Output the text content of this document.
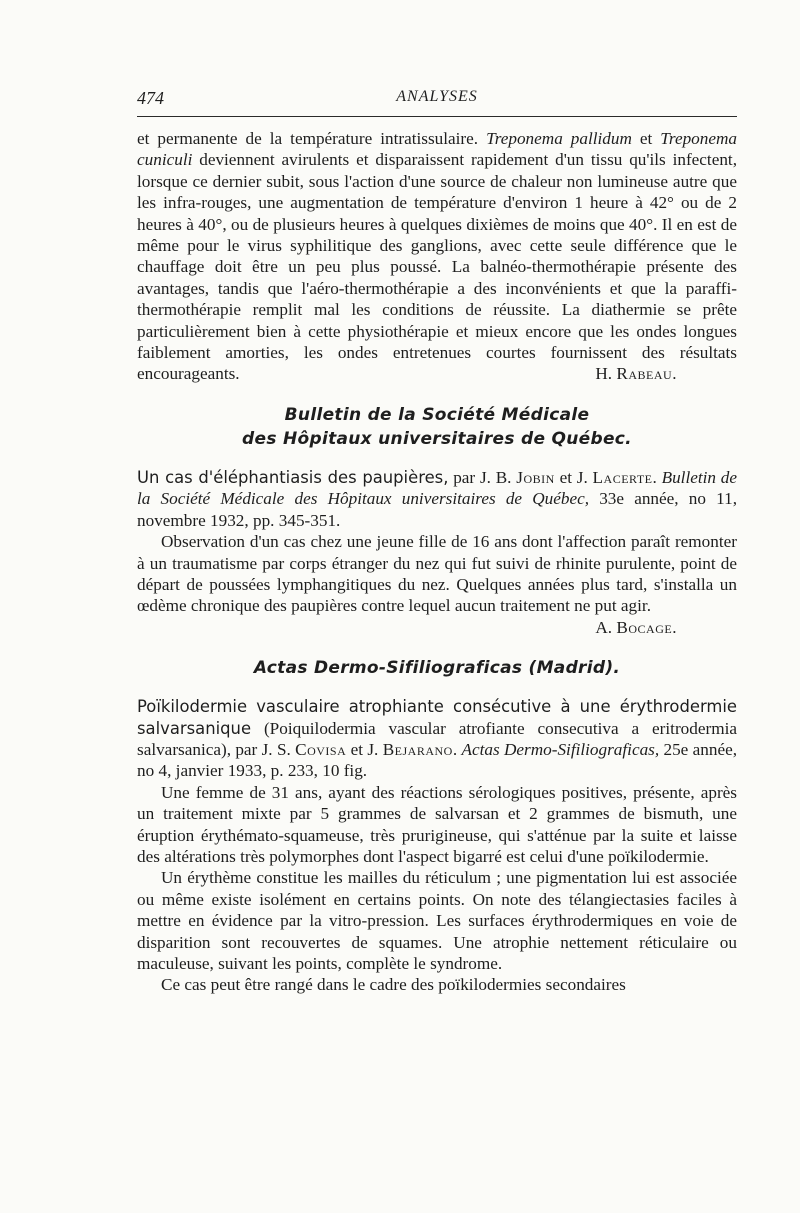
474	ANALYSES

et permanente de la température intratissulaire. Treponema pallidum et Treponema cuniculi deviennent avirulents et disparaissent rapidement d'un tissu qu'ils infectent, lorsque ce dernier subit, sous l'action d'une source de chaleur non lumineuse autre que les infra-rouges, une augmentation de température d'environ 1 heure à 42° ou de 2 heures à 40°, ou de plusieurs heures à quelques dixièmes de moins que 40°. Il en est de même pour le virus syphilitique des ganglions, avec cette seule différence que le chauffage doit être un peu plus poussé. La balnéo-thermothérapie présente des avantages, tandis que l'aéro-thermothérapie a des inconvénients et que la paraffi-thermothérapie remplit mal les conditions de réussite. La diathermie se prête particulièrement bien à cette physiothérapie et mieux encore que les ondes longues faiblement amorties, les ondes entretenues courtes fournissent des résultats encourageants.	H. Rabeau.

Bulletin de la Société Médicale
des Hôpitaux universitaires de Québec.

Un cas d'éléphantiasis des paupières, par J. B. Jobin et J. Lacerte. Bulletin de la Société Médicale des Hôpitaux universitaires de Québec, 33e année, no 11, novembre 1932, pp. 345-351.

Observation d'un cas chez une jeune fille de 16 ans dont l'affection paraît remonter à un traumatisme par corps étranger du nez qui fut suivi de rhinite purulente, point de départ de poussées lymphangitiques du nez. Quelques années plus tard, s'installa un œdème chronique des paupières contre lequel aucun traitement ne put agir.

A. Bocage.

Actas Dermo-Sifiliograficas (Madrid).

Poïkilodermie vasculaire atrophiante consécutive à une érythrodermie salvarsanique (Poiquilodermia vascular atrofiante consecutiva a eritrodermia salvarsanica), par J. S. Covisa et J. Bejarano. Actas Dermo-Sifiliograficas, 25e année, no 4, janvier 1933, p. 233, 10 fig.

Une femme de 31 ans, ayant des réactions sérologiques positives, présente, après un traitement mixte par 5 grammes de salvarsan et 2 grammes de bismuth, une éruption érythémato-squameuse, très prurigineuse, qui s'atténue par la suite et laisse des altérations très polymorphes dont l'aspect bigarré est celui d'une poïkilodermie.

Un érythème constitue les mailles du réticulum ; une pigmentation lui est associée ou même existe isolément en certains points. On note des télangiectasies faciles à mettre en évidence par la vitro-pression. Les surfaces érythrodermiques en voie de disparition sont recouvertes de squames. Une atrophie nettement réticulaire ou maculeuse, suivant les points, complète le syndrome.

Ce cas peut être rangé dans le cadre des poïkilodermies secondaires
